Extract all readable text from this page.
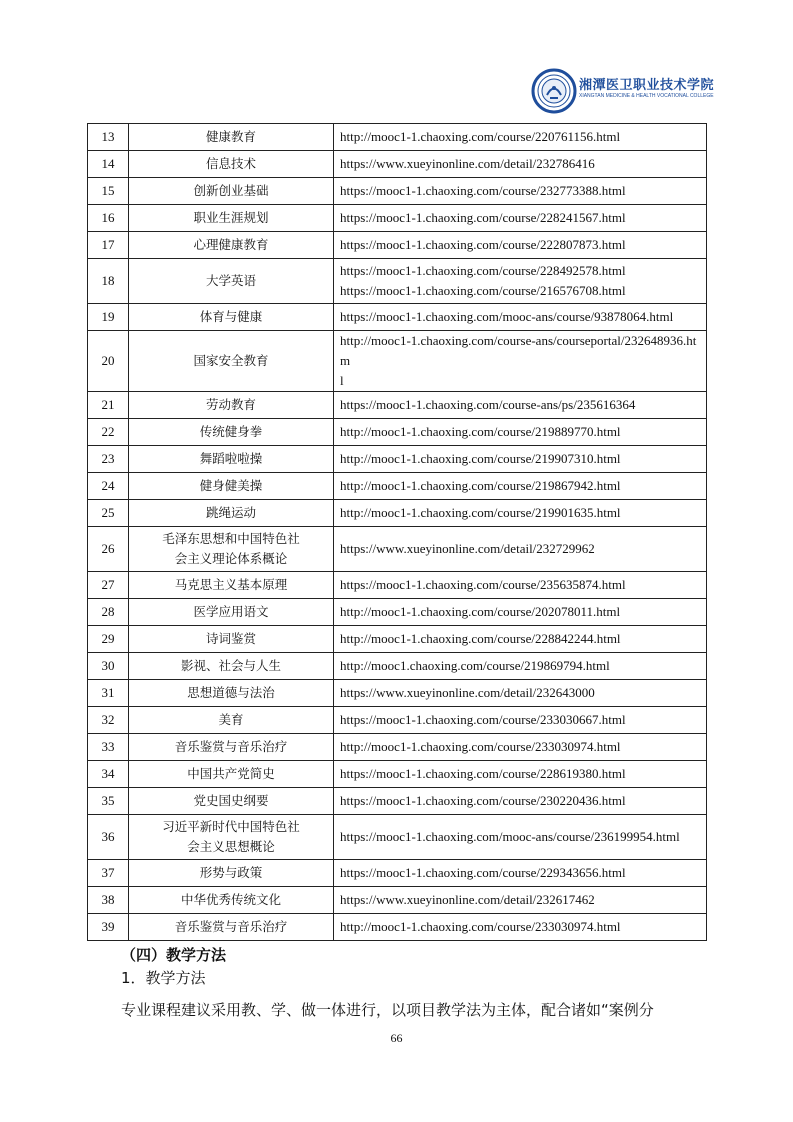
湘潭医卫职业技术学院
XIANGTAN MEDICINE & HEALTH VOCATIONAL COLLEGE
13	健康教育	http://mooc1-1.chaoxing.com/course/220761156.html
14	信息技术	https://www.xueyinonline.com/detail/232786416
15	创新创业基础	https://mooc1-1.chaoxing.com/course/232773388.html
16	职业生涯规划	https://mooc1-1.chaoxing.com/course/228241567.html
17	心理健康教育	https://mooc1-1.chaoxing.com/course/222807873.html
18	大学英语	https://mooc1-1.chaoxing.com/course/228492578.html
https://mooc1-1.chaoxing.com/course/216576708.html
19	体育与健康	https://mooc1-1.chaoxing.com/mooc-ans/course/93878064.html
20	国家安全教育	http://mooc1-1.chaoxing.com/course-ans/courseportal/232648936.htm
l
21	劳动教育	https://mooc1-1.chaoxing.com/course-ans/ps/235616364
22	传统健身拳	http://mooc1-1.chaoxing.com/course/219889770.html
23	舞蹈啦啦操	http://mooc1-1.chaoxing.com/course/219907310.html
24	健身健美操	http://mooc1-1.chaoxing.com/course/219867942.html
25	跳绳运动	http://mooc1-1.chaoxing.com/course/219901635.html
26	毛泽东思想和中国特色社
会主义理论体系概论	https://www.xueyinonline.com/detail/232729962
27	马克思主义基本原理	https://mooc1-1.chaoxing.com/course/235635874.html
28	医学应用语文	http://mooc1-1.chaoxing.com/course/202078011.html
29	诗词鉴赏	http://mooc1-1.chaoxing.com/course/228842244.html
30	影视、社会与人生	http://mooc1.chaoxing.com/course/219869794.html
31	思想道德与法治	https://www.xueyinonline.com/detail/232643000
32	美育	https://mooc1-1.chaoxing.com/course/233030667.html
33	音乐鉴赏与音乐治疗	http://mooc1-1.chaoxing.com/course/233030974.html
34	中国共产党简史	https://mooc1-1.chaoxing.com/course/228619380.html
35	党史国史纲要	https://mooc1-1.chaoxing.com/course/230220436.html
36	习近平新时代中国特色社
会主义思想概论	https://mooc1-1.chaoxing.com/mooc-ans/course/236199954.html

37	形势与政策	https://mooc1-1.chaoxing.com/course/229343656.html
38	中华优秀传统文化	https://www.xueyinonline.com/detail/232617462
39	音乐鉴赏与音乐治疗	http://mooc1-1.chaoxing.com/course/233030974.html
（四）教学方法
1．教学方法
专业课程建议采用教、学、做一体进行，以项目教学法为主体，配合诸如“案例分
66
